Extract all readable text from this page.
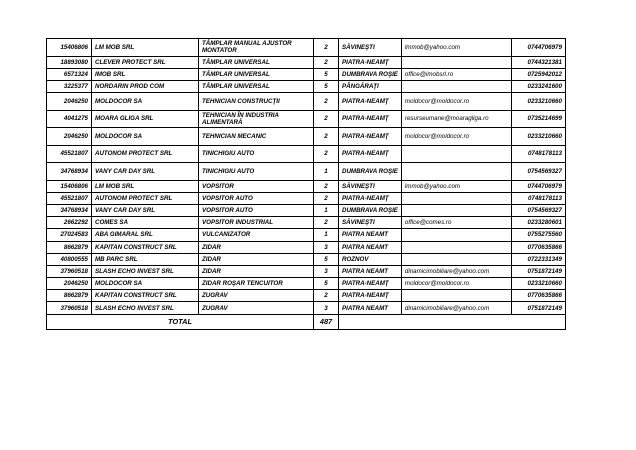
15406806	LM MOB SRL	TÂMPLAR MANUAL AJUSTOR MONTATOR	2	SĂVINEŞTI	lmmob@yahoo.com	0744706979
18893080	CLEVER PROTECT SRL	TÂMPLAR UNIVERSAL	2	PIATRA-NEAMŢ		0744321381
6571324	IMOB SRL	TÂMPLAR UNIVERSAL	5	DUMBRAVA ROŞIE	office@imobsrl.ro	0725942012
3225377	NORDARIN PROD COM	TÂMPLAR UNIVERSAL	5	PÂNGĂRAŢI		0233241600
2046250	MOLDOCOR SA	TEHNICIAN CONSTRUCŢII	2	PIATRA-NEAMŢ	moldocor@moldocor.ro	0233210660
4041275	MOARA GLIGA SRL	TEHNICIAN ÎN INDUSTRIA ALIMENTARĂ	2	PIATRA-NEAMŢ	resurseumane@moaragliga.ro	0735214699
2046250	MOLDOCOR SA	TEHNICIAN MECANIC	2	PIATRA-NEAMŢ	moldocor@moldocor.ro	0233210660
45521807	AUTONOM PROTECT SRL	TINICHIGIU AUTO	2	PIATRA-NEAMŢ		0748178113
34768934	VANY CAR DAY SRL	TINICHIGIU AUTO	1	DUMBRAVA ROŞIE		0754569327
15406806	LM MOB SRL	VOPSITOR	2	SĂVINEŞTI	lmmob@yahoo.com	0744706979
45521807	AUTONOM PROTECT SRL	VOPSITOR AUTO	2	PIATRA-NEAMŢ		0748178113
34768934	VANY CAR DAY SRL	VOPSITOR AUTO	1	DUMBRAVA ROŞIE		0754569327
2662292	COMES SA	VOPSITOR INDUSTRIAL	2	SĂVINEŞTI	office@comes.ro	0233280601
27024583	ABA GIMARAL SRL	VULCANIZATOR	1	PIATRA NEAMT		0755275560
8662879	KAPITAN CONSTRUCT SRL	ZIDAR	3	PIATRA NEAMT		0770635866
40800555	MB PARC SRL	ZIDAR	5	ROZNOV		0722331349
37960518	SLASH ECHO INVEST SRL	ZIDAR	3	PIATRA NEAMT	dinamicimobiliare@yahoo.com	0751872149
2046250	MOLDOCOR SA	ZIDAR ROŞAR TENCUITOR	5	PIATRA-NEAMŢ	moldocor@moldocor.ro	0233210660
8662879	KAPITAN CONSTRUCT SRL	ZUGRAV	2	PIATRA-NEAMŢ		0770635866
37960518	SLASH ECHO INVEST SRL	ZUGRAV	3	PIATRA NEAMT	dinamicimobiliare@yahoo.com	0751872149
TOTAL			487			
